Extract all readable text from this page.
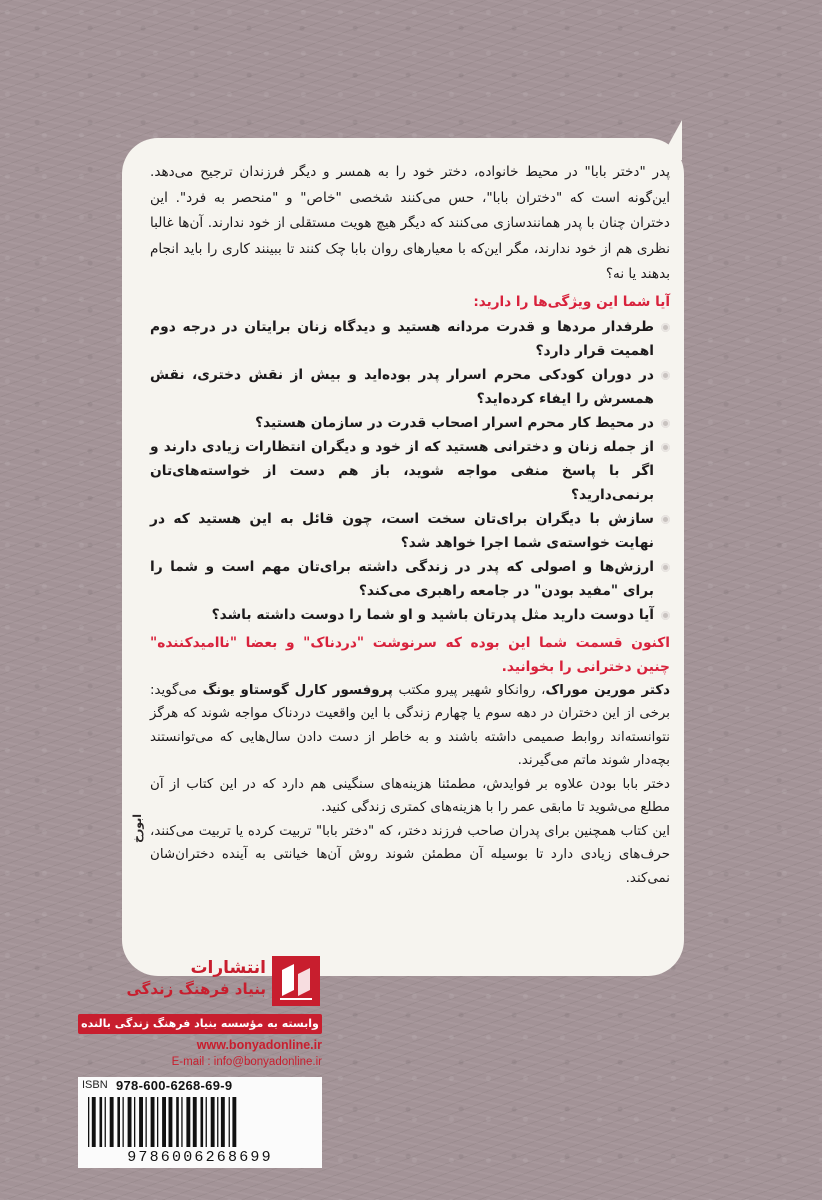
پدر "دختر بابا" در محیط خانواده، دختر خود را به همسر و دیگر فرزندان ترجیح می‌دهد. این‌گونه است که "دختران بابا"، حس می‌کنند شخصی "خاص" و "منحصر به فرد". این دختران چنان با پدر همانندسازی می‌کنند که دیگر هیچ هویت مستقلی از خود ندارند. آن‌ها غالبا نظری هم از خود ندارند، مگر این‌که با معیارهای روان بابا چک کنند تا ببینند کاری را باید انجام بدهند یا نه؟

آیا شما این ویژگی‌ها را دارید:

طرفدار مردها و قدرت مردانه هستید و دیدگاه زنان برایتان در درجه دوم اهمیت قرار دارد؟
در دوران کودکی محرم اسرار پدر بوده‌اید و بیش از نقش دختری، نقش همسرش را ایفاء کرده‌اید؟
در محیط کار محرم اسرار اصحاب قدرت در سازمان هستید؟
از جمله زنان و دخترانی هستید که از خود و دیگران انتظارات زیادی دارند و اگر با پاسخ منفی مواجه شوید، باز هم دست از خواسته‌های‌تان برنمی‌دارید؟
سازش با دیگران برای‌تان سخت است، چون قائل به این هستید که در نهایت خواسته‌ی شما اجرا خواهد شد؟
ارزش‌ها و اصولی که پدر در زندگی داشته برای‌تان مهم است و شما را برای "مفید بودن" در جامعه راهبری می‌کند؟
آیا دوست دارید مثل پدرتان باشید و او شما را دوست داشته باشد؟

اکنون قسمت شما این بوده که سرنوشت "دردناک" و بعضا "ناامیدکننده" چنین دخترانی را بخوانید.

دکتر مورین موراک، روانکاو شهیر پیرو مکتب پروفسور کارل گوستاو یونگ می‌گوید: برخی از این دختران در دهه سوم یا چهارم زندگی با این واقعیت دردناک مواجه شوند که هرگز نتوانسته‌اند روابط صمیمی داشته باشند و به خاطر از دست دادن سال‌هایی که می‌توانستند بچه‌دار شوند ماتم می‌گیرند.

دختر بابا بودن علاوه بر فوایدش، مطمئنا هزینه‌های سنگینی هم دارد که در این کتاب از آن مطلع می‌شوید تا مابقی عمر را با هزینه‌های کمتری زندگی کنید.

این کتاب همچنین برای پدران صاحب فرزند دختر، که "دختر بابا" تربیت کرده یا تربیت می‌کنند، حرف‌های زیادی دارد تا بوسیله آن مطمئن شوند روش آن‌ها خیانتی به آینده دختران‌شان نمی‌کند.

ابورخ
انتشارات
بنیاد فرهنگ زندگی
وابسته به مؤسسه بنیاد فرهنگ زندگی بالنده
www.bonyadonline.ir
E-mail : info@bonyadonline.ir
ISBN 978-600-6268-69-9
9786006268699
